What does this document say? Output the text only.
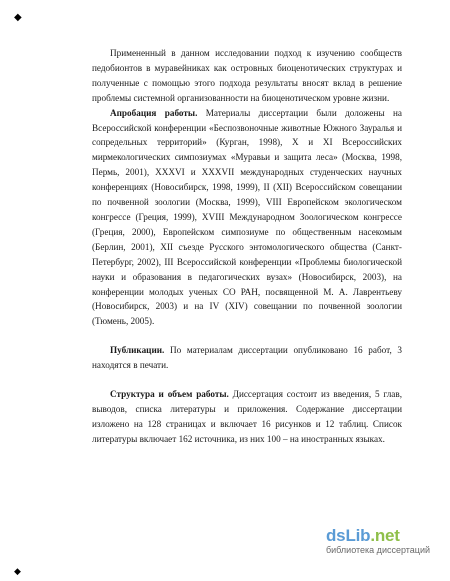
◆

Примененный в данном исследовании подход к изучению сообществ педобионтов в муравейниках как островных биоценотических структурах и полученные с помощью этого подхода результаты вносят вклад в решение проблемы системной организованности на биоценотическом уровне жизни.

Апробация работы. Материалы диссертации были доложены на Всероссийской конференции «Беспозвоночные животные Южного Зауралья и сопредельных территорий» (Курган, 1998), X и XI Всероссийских мирмекологических симпозиумах «Муравьи и защита леса» (Москва, 1998, Пермь, 2001), XXXVI и XXXVII международных студенческих научных конференциях (Новосибирск, 1998, 1999), II (XII) Всероссийском совещании по почвенной зоологии (Москва, 1999), VIII Европейском экологическом конгрессе (Греция, 1999), XVIII Международном Зоологическом конгрессе (Греция, 2000), Европейском симпозиуме по общественным насекомым (Берлин, 2001), XII съезде Русского энтомологического общества (Санкт-Петербург, 2002), III Всероссийской конференции «Проблемы биологической науки и образования в педагогических вузах» (Новосибирск, 2003), на конференции молодых ученых СО РАН, посвященной М. А. Лаврентьеву (Новосибирск, 2003) и на IV (XIV) совещании по почвенной зоологии (Тюмень, 2005).

Публикации. По материалам диссертации опубликовано 16 работ, 3 находятся в печати.

Структура и объем работы. Диссертация состоит из введения, 5 глав, выводов, списка литературы и приложения. Содержание диссертации изложено на 128 страницах и включает 16 рисунков и 12 таблиц. Список литературы включает 162 источника, из них 100 – на иностранных языках.

◆
dsLib.net
библиотека диссертаций
